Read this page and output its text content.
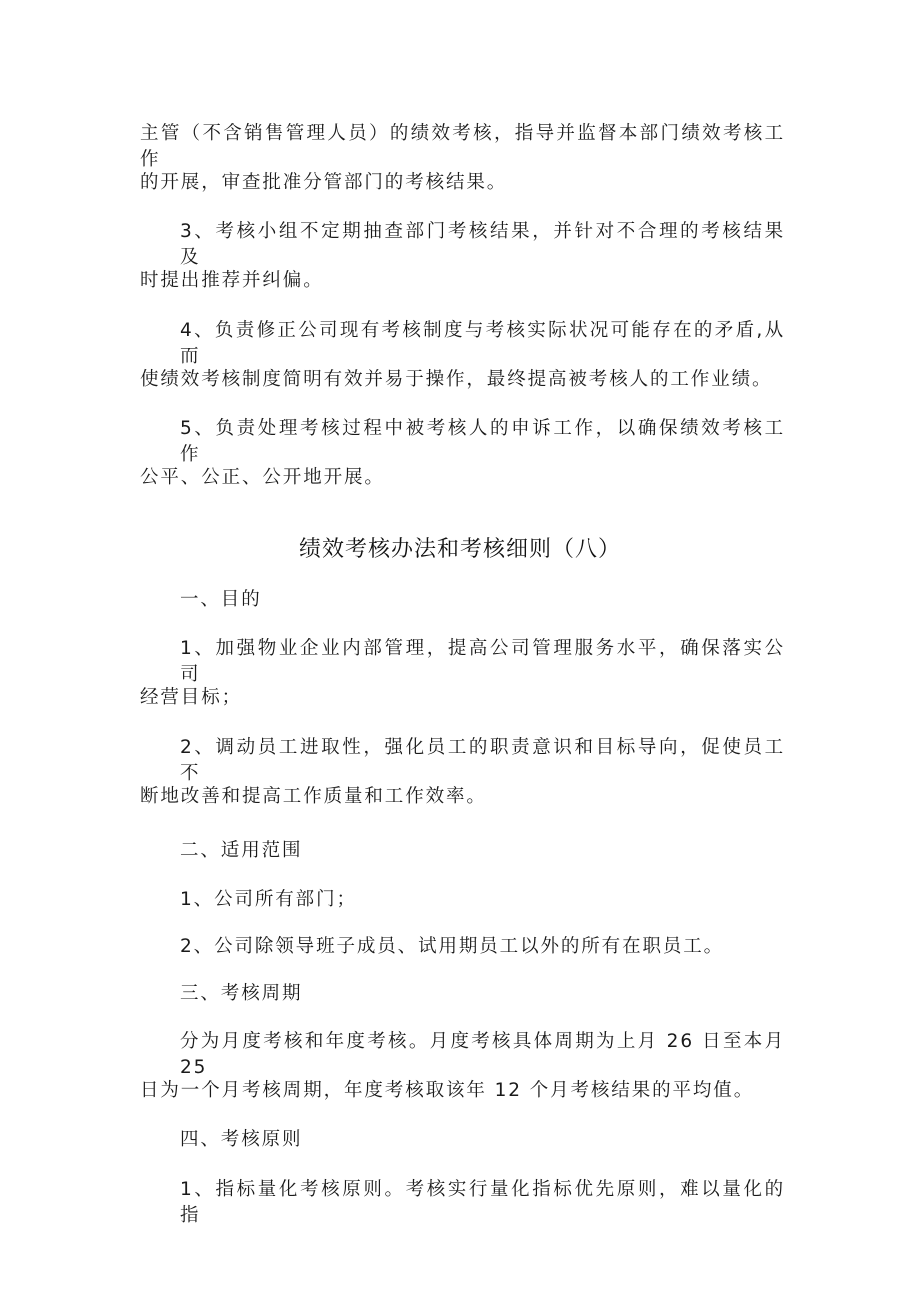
主管（不含销售管理人员）的绩效考核，指导并监督本部门绩效考核工作
的开展，审查批准分管部门的考核结果。
3、考核小组不定期抽查部门考核结果，并针对不合理的考核结果及
时提出推荐并纠偏。
4、负责修正公司现有考核制度与考核实际状况可能存在的矛盾,从而
使绩效考核制度简明有效并易于操作，最终提高被考核人的工作业绩。
5、负责处理考核过程中被考核人的申诉工作，以确保绩效考核工作
公平、公正、公开地开展。
绩效考核办法和考核细则（八）
一、目的
1、加强物业企业内部管理，提高公司管理服务水平，确保落实公司
经营目标；
2、调动员工进取性，强化员工的职责意识和目标导向，促使员工不
断地改善和提高工作质量和工作效率。
二、适用范围
1、公司所有部门；
2、公司除领导班子成员、试用期员工以外的所有在职员工。
三、考核周期
分为月度考核和年度考核。月度考核具体周期为上月 26 日至本月 25
日为一个月考核周期，年度考核取该年 12 个月考核结果的平均值。
四、考核原则
1、指标量化考核原则。考核实行量化指标优先原则，难以量化的指
